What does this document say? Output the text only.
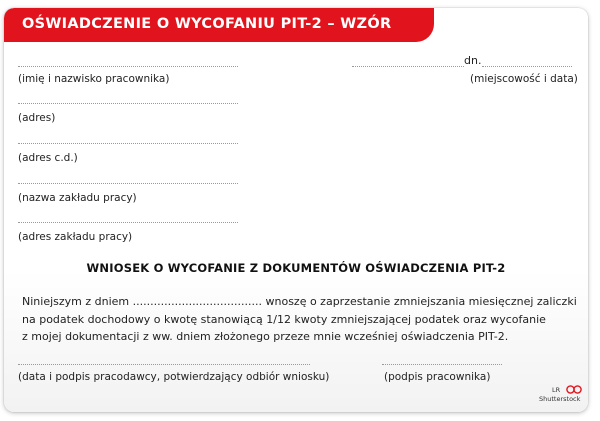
OŚWIADCZENIE O WYCOFANIU PIT-2 – WZÓR
(imię i nazwisko pracownika)
dn.
(miejscowość i data)
(adres)
(adres c.d.)
(nazwa zakładu pracy)
(adres zakładu pracy)
WNIOSEK O WYCOFANIE Z DOKUMENTÓW OŚWIADCZENIA PIT-2
Niniejszym z dniem ..................................... wnoszę o zaprzestanie zmniejszania miesięcznej zaliczki
na podatek dochodowy o kwotę stanowiącą 1/12 kwoty zmniejszającej podatek oraz wycofanie
z mojej dokumentacji z ww. dniem złożonego przeze mnie wcześniej oświadczenia PIT-2.
(data i podpis pracodawcy, potwierdzający odbiór wniosku)	(podpis pracownika)
LR
Shutterstock
